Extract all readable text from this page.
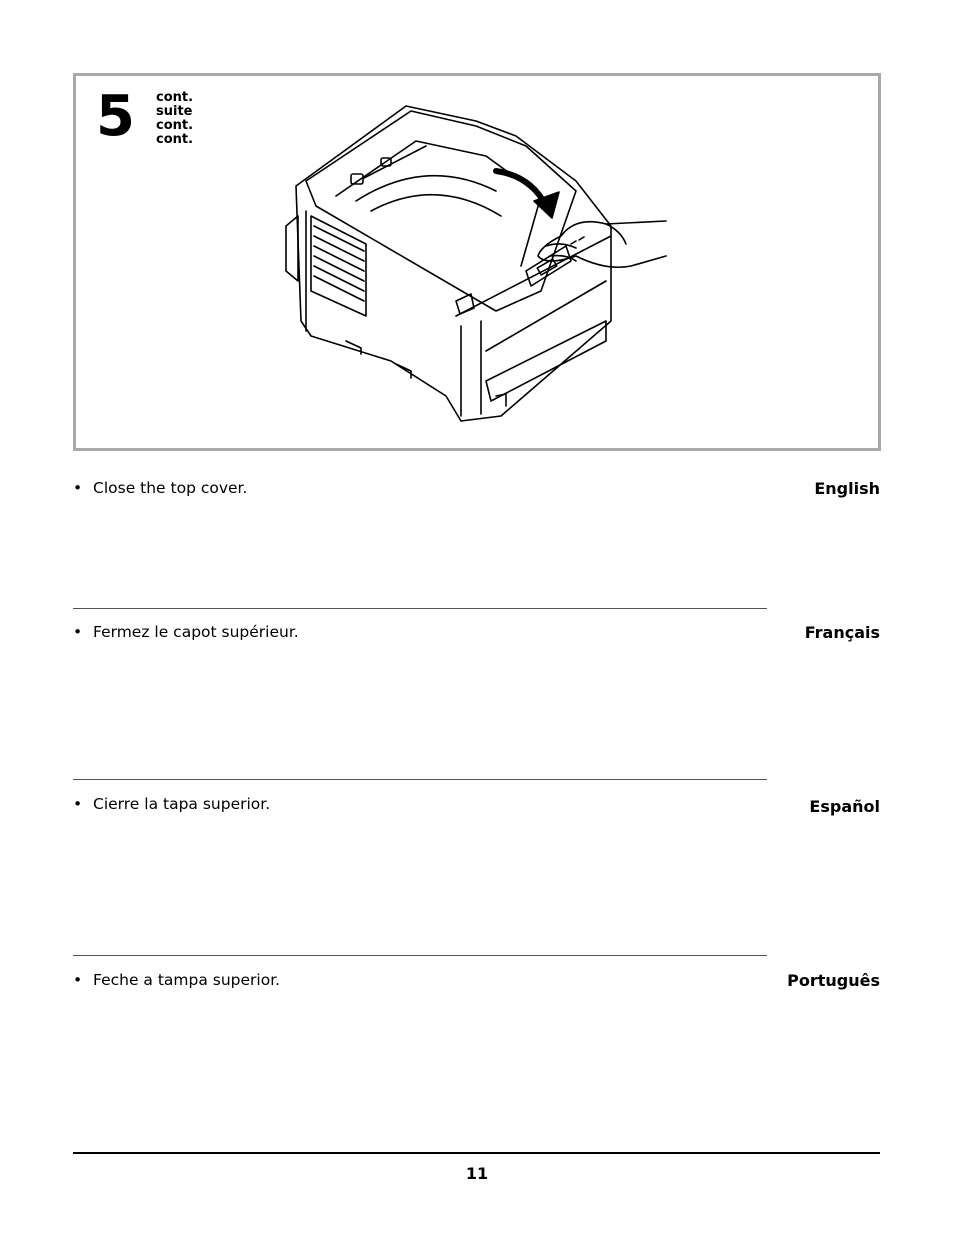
5 cont.
suite
cont.
cont.
• Close the top cover.	English
• Fermez le capot supérieur.	Français
• Cierre la tapa superior.	Español
• Feche a tampa superior.	Português
11
